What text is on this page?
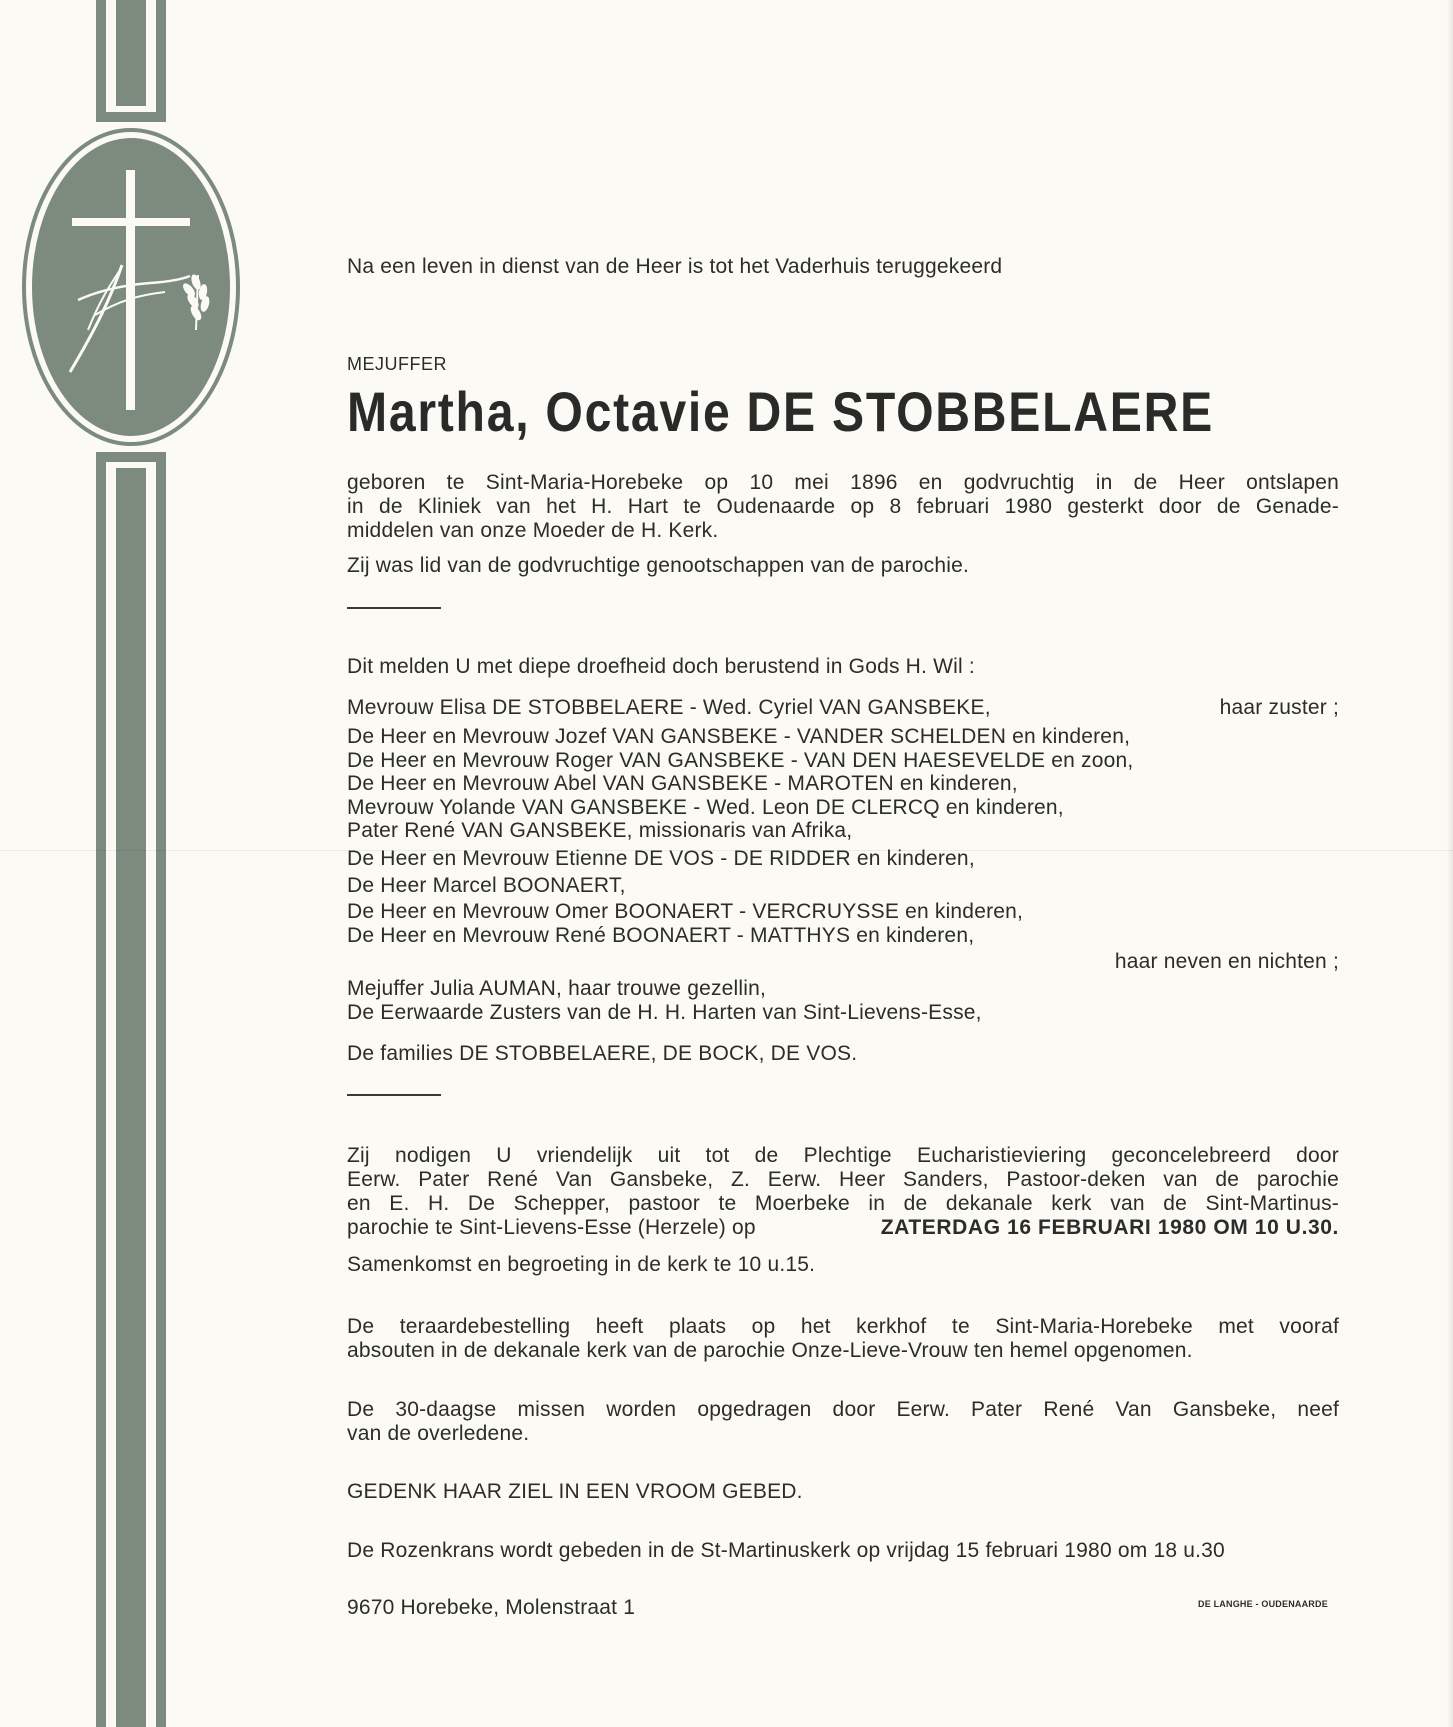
Na een leven in dienst van de Heer is tot het Vaderhuis teruggekeerd
MEJUFFER
Martha, Octavie DE STOBBELAERE
geboren te Sint-Maria-Horebeke op 10 mei 1896 en godvruchtig in de Heer ontslapen
in de Kliniek van het H. Hart te Oudenaarde op 8 februari 1980 gesterkt door de Genade-
middelen van onze Moeder de H. Kerk.
Zij was lid van de godvruchtige genootschappen van de parochie.
Dit melden U met diepe droefheid doch berustend in Gods H. Wil :
Mevrouw Elisa DE STOBBELAERE - Wed. Cyriel VAN GANSBEKE,	haar zuster ;
De Heer en Mevrouw Jozef VAN GANSBEKE - VANDER SCHELDEN en kinderen,
De Heer en Mevrouw Roger VAN GANSBEKE - VAN DEN HAESEVELDE en zoon,
De Heer en Mevrouw Abel VAN GANSBEKE - MAROTEN en kinderen,
Mevrouw Yolande VAN GANSBEKE - Wed. Leon DE CLERCQ en kinderen,
Pater René VAN GANSBEKE, missionaris van Afrika,
De Heer en Mevrouw Etienne DE VOS - DE RIDDER en kinderen,
De Heer Marcel BOONAERT,
De Heer en Mevrouw Omer BOONAERT - VERCRUYSSE en kinderen,
De Heer en Mevrouw René BOONAERT - MATTHYS en kinderen,
haar neven en nichten ;
Mejuffer Julia AUMAN, haar trouwe gezellin,
De Eerwaarde Zusters van de H. H. Harten van Sint-Lievens-Esse,
De families DE STOBBELAERE, DE BOCK, DE VOS.
Zij nodigen U vriendelijk uit tot de Plechtige Eucharistieviering geconcelebreerd door
Eerw. Pater René Van Gansbeke, Z. Eerw. Heer Sanders, Pastoor-deken van de parochie
en E. H. De Schepper, pastoor te Moerbeke in de dekanale kerk van de Sint-Martinus-
parochie te Sint-Lievens-Esse (Herzele) op	ZATERDAG 16 FEBRUARI 1980 OM 10 U.30.
Samenkomst en begroeting in de kerk te 10 u.15.
De teraardebestelling heeft plaats op het kerkhof te Sint-Maria-Horebeke met vooraf
absouten in de dekanale kerk van de parochie Onze-Lieve-Vrouw ten hemel opgenomen.
De 30-daagse missen worden opgedragen door Eerw. Pater René Van Gansbeke, neef
van de overledene.
GEDENK HAAR ZIEL IN EEN VROOM GEBED.
De Rozenkrans wordt gebeden in de St-Martinuskerk op vrijdag 15 februari 1980 om 18 u.30
9670 Horebeke, Molenstraat 1	DE LANGHE - OUDENAARDE
